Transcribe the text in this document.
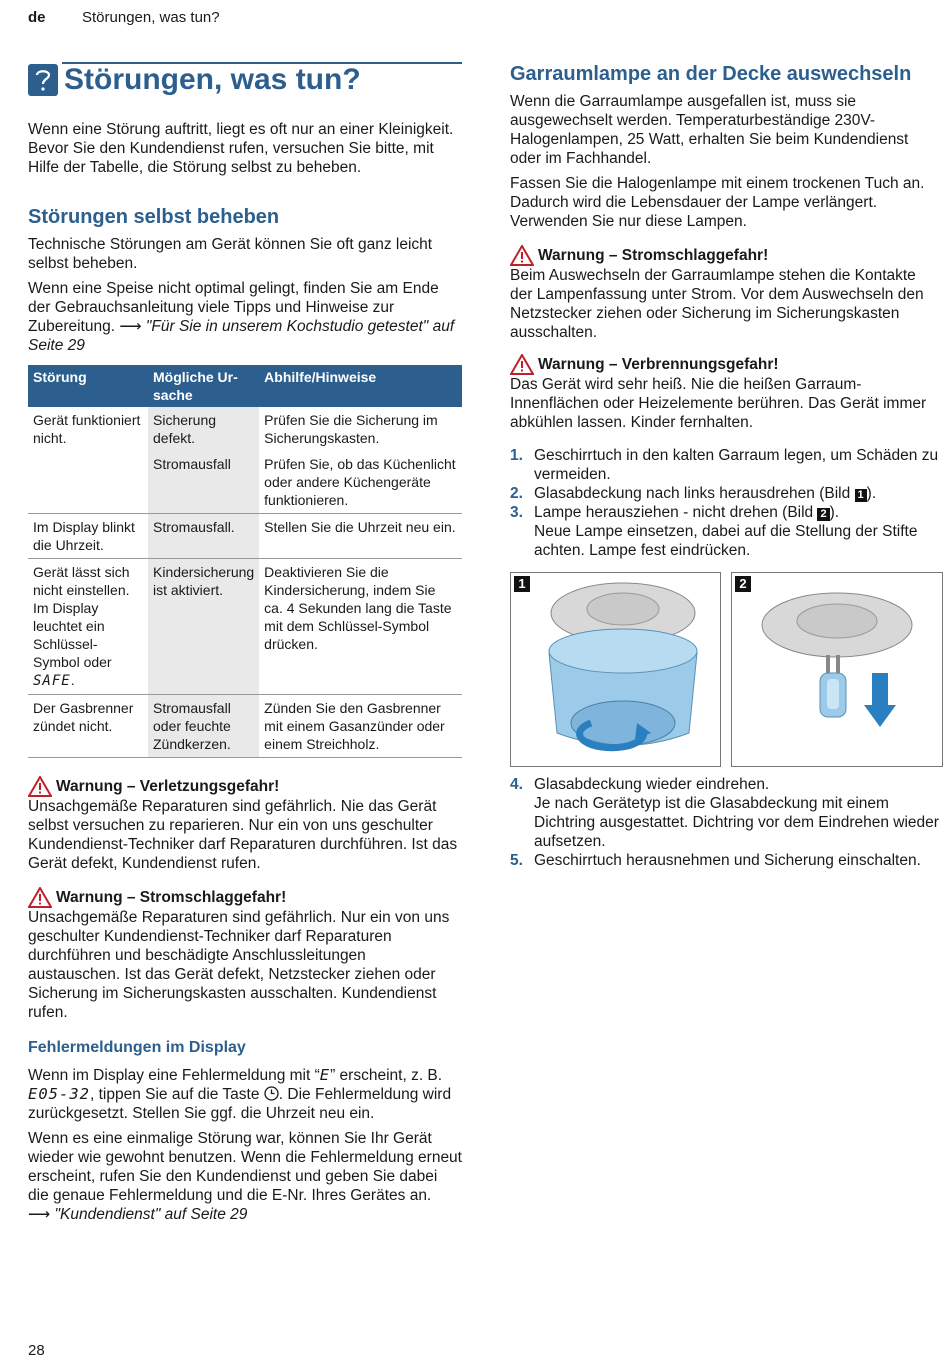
de Störungen, was tun?
Störungen, was tun?

Wenn eine Störung auftritt, liegt es oft nur an einer Kleinigkeit. Bevor Sie den Kundendienst rufen, versuchen Sie bitte, mit Hilfe der Tabelle, die Störung selbst zu beheben.

Störungen selbst beheben

Technische Störungen am Gerät können Sie oft ganz leicht selbst beheben.

Wenn eine Speise nicht optimal gelingt, finden Sie am Ende der Gebrauchsanleitung viele Tipps und Hinweise zur Zubereitung. ⟶ "Für Sie in unserem Kochstudio getestet" auf Seite 29

Störung	Mögliche Ur-sache	Abhilfe/Hinweise
Gerät funktioniert nicht.	Sicherung defekt.	Prüfen Sie die Sicherung im Sicherungskasten.
	Stromausfall	Prüfen Sie, ob das Küchenlicht oder andere Küchengeräte funktionieren.
Im Display blinkt die Uhrzeit.	Stromausfall.	Stellen Sie die Uhrzeit neu ein.
Gerät lässt sich nicht einstellen. Im Display leuchtet ein Schlüssel-Symbol oder SAFE.	Kindersicherung ist aktiviert.	Deaktivieren Sie die Kindersicherung, indem Sie ca. 4 Sekunden lang die Taste mit dem Schlüssel-Symbol drücken.
Der Gasbrenner zündet nicht.	Stromausfall oder feuchte Zündkerzen.	Zünden Sie den Gasbrenner mit einem Gasanzünder oder einem Streichholz.
Warnung – Verletzungsgefahr!

Unsachgemäße Reparaturen sind gefährlich. Nie das Gerät selbst versuchen zu reparieren. Nur ein von uns geschulter Kundendienst-Techniker darf Reparaturen durchführen. Ist das Gerät defekt, Kundendienst rufen.

Warnung – Stromschlaggefahr!

Unsachgemäße Reparaturen sind gefährlich. Nur ein von uns geschulter Kundendienst-Techniker darf Reparaturen durchführen und beschädigte Anschlussleitungen austauschen. Ist das Gerät defekt, Netzstecker ziehen oder Sicherung im Sicherungskasten ausschalten. Kundendienst rufen.

Fehlermeldungen im Display

Wenn im Display eine Fehlermeldung mit “E” erscheint, z. B. E05-32, tippen Sie auf die Taste . Die Fehlermeldung wird zurückgesetzt. Stellen Sie ggf. die Uhrzeit neu ein.

Wenn es eine einmalige Störung war, können Sie Ihr Gerät wieder wie gewohnt benutzen. Wenn die Fehlermeldung erneut erscheint, rufen Sie den Kundendienst und geben Sie dabei die genaue Fehlermeldung und die E-Nr. Ihres Gerätes an.
⟶ "Kundendienst" auf Seite 29

Garraumlampe an der Decke auswechseln

Wenn die Garraumlampe ausgefallen ist, muss sie ausgewechselt werden. Temperaturbeständige 230V-Halogenlampen, 25 Watt, erhalten Sie beim Kundendienst oder im Fachhandel.

Fassen Sie die Halogenlampe mit einem trockenen Tuch an. Dadurch wird die Lebensdauer der Lampe verlängert. Verwenden Sie nur diese Lampen.

Warnung – Stromschlaggefahr!

Beim Auswechseln der Garraumlampe stehen die Kontakte der Lampenfassung unter Strom. Vor dem Auswechseln den Netzstecker ziehen oder Sicherung im Sicherungskasten ausschalten.

Warnung – Verbrennungsgefahr!

Das Gerät wird sehr heiß. Nie die heißen Garraum-Innenflächen oder Heizelemente berühren. Das Gerät immer abkühlen lassen. Kinder fernhalten.

1. Geschirrtuch in den kalten Garraum legen, um Schäden zu vermeiden.
2. Glasabdeckung nach links herausdrehen (Bild 1 ).
3. Lampe herausziehen - nicht drehen (Bild 2 ).
Neue Lampe einsetzen, dabei auf die Stellung der Stifte achten. Lampe fest eindrücken.
1	2
4. Glasabdeckung wieder eindrehen.
Je nach Gerätetyp ist die Glasabdeckung mit einem Dichtring ausgestattet. Dichtring vor dem Eindrehen wieder aufsetzen.
5. Geschirrtuch herausnehmen und Sicherung einschalten.
28
